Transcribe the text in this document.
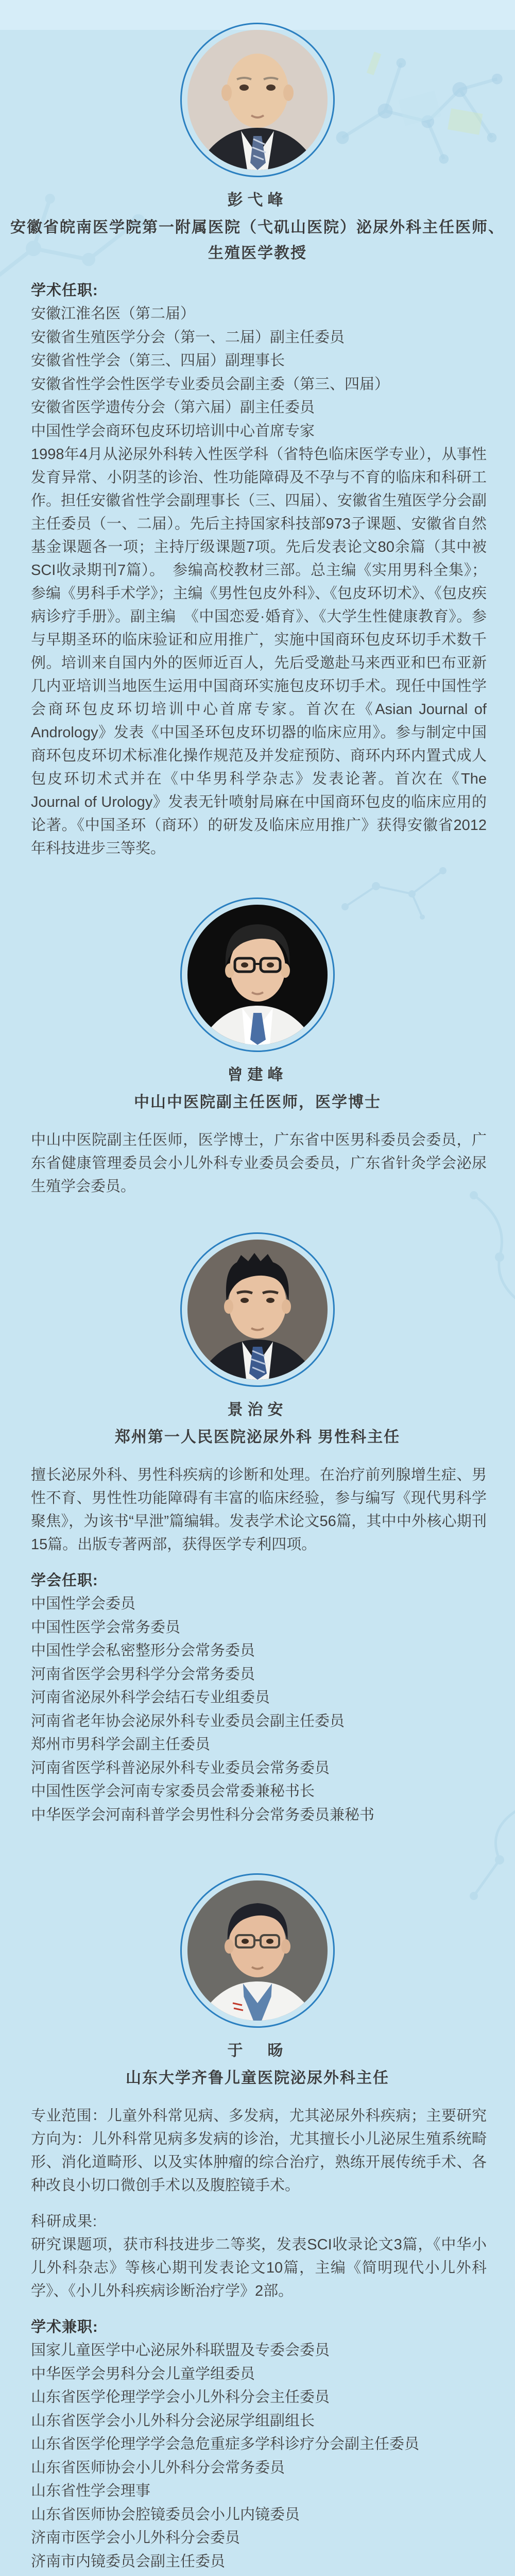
彭弋峰
安徽省皖南医学院第一附属医院（弋矶山医院）泌尿外科主任医师、
生殖医学教授
学术任职:
安徽江淮名医（第二届）
安徽省生殖医学分会（第一、二届）副主任委员
安徽省性学会（第三、四届）副理事长
安徽省性学会性医学专业委员会副主委（第三、四届）
安徽省医学遗传分会（第六届）副主任委员
中国性学会商环包皮环切培训中心首席专家
1998年4月从泌尿外科转入性医学科（省特色临床医学专业），从事性发育异常、小阴茎的诊治、性功能障碍及不孕与不育的临床和科研工作。担任安徽省性学会副理事长（三、四届）、安徽省生殖医学分会副主任委员（一、二届）。先后主持国家科技部973子课题、安徽省自然基金课题各一项；主持厅级课题7项。先后发表论文80余篇（其中被SCI收录期刊7篇）。　参编高校教材三部。总主编《实用男科全集》；参编《男科手术学》；主编《男性包皮外科》、《包皮环切术》、《包皮疾病诊疗手册》。副主编　《中国恋爱·婚育》、《大学生性健康教育》。参与早期圣环的临床验证和应用推广，实施中国商环包皮环切手术数千例。培训来自国内外的医师近百人，先后受邀赴马来西亚和巴布亚新几内亚培训当地医生运用中国商环实施包皮环切手术。现任中国性学会商环包皮环切培训中心首席专家。首次在《Asian Journal of Andrology》发表《中国圣环包皮环切器的临床应用》。参与制定中国商环包皮环切术标准化操作规范及并发症预防、商环内环内置式成人包皮环切术式并在《中华男科学杂志》发表论著。首次在《The Journal of Urology》发表无针喷射局麻在中国商环包皮的临床应用的论著。《中国圣环（商环）的研发及临床应用推广》获得安徽省2012年科技进步三等奖。
曾建峰
中山中医院副主任医师，医学博士
中山中医院副主任医师，医学博士，广东省中医男科委员会委员，广东省健康管理委员会小儿外科专业委员会委员，广东省针灸学会泌尿生殖学会委员。
景治安
郑州第一人民医院泌尿外科 男性科主任
擅长泌尿外科、男性科疾病的诊断和处理。在治疗前列腺增生症、男性不育、男性性功能障碍有丰富的临床经验，参与编写《现代男科学聚焦》，为该书“早泄”篇编辑。发表学术论文56篇，其中中外核心期刊15篇。出版专著两部，获得医学专利四项。
学会任职:
中国性学会委员
中国性医学会常务委员
中国性学会私密整形分会常务委员
河南省医学会男科学分会常务委员
河南省泌尿外科学会结石专业组委员
河南省老年协会泌尿外科专业委员会副主任委员
郑州市男科学会副主任委员
河南省医学科普泌尿外科专业委员会常务委员
中国性医学会河南专家委员会常委兼秘书长
中华医学会河南科普学会男性科分会常务委员兼秘书
于　旸
山东大学齐鲁儿童医院泌尿外科主任
专业范围：儿童外科常见病、多发病，尤其泌尿外科疾病；主要研究方向为：儿外科常见病多发病的诊治，尤其擅长小儿泌尿生殖系统畸形、消化道畸形、以及实体肿瘤的综合治疗，熟练开展传统手术、各种改良小切口微创手术以及腹腔镜手术。
科研成果:
研究课题项，获市科技进步二等奖，发表SCI收录论文3篇，《中华小儿外科杂志》等核心期刊发表论文10篇，主编《简明现代小儿外科学》、《小儿外科疾病诊断治疗学》2部。
学术兼职:
国家儿童医学中心泌尿外科联盟及专委会委员
中华医学会男科分会儿童学组委员
山东省医学伦理学学会小儿外科分会主任委员
山东省医学会小儿外科分会泌尿学组副组长
山东省医学伦理学学会急危重症多学科诊疗分会副主任委员
山东省医师协会小儿外科分会常务委员
山东省性学会理事
山东省医师协会腔镜委员会小儿内镜委员
济南市医学会小儿外科分会委员
济南市内镜委员会副主任委员
